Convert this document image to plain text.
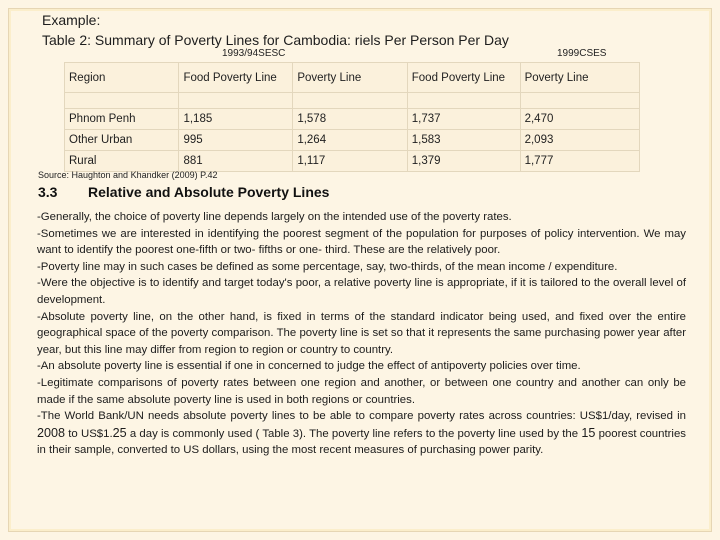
Example:
Table 2: Summary of Poverty Lines for Cambodia: riels Per Person Per Day
1993/94SESC	1999CSES
Region	Food Poverty Line	Poverty Line	Food Poverty Line	Poverty Line

Phnom Penh	1,185	1,578	1,737	2,470
Other Urban	995	1,264	1,583	2,093
Rural	881	1,117	1,379	1,777
Source: Haughton and Khandker (2009) P.42
3.3 Relative and Absolute Poverty Lines

-Generally, the choice of poverty line depends largely on the intended use of the poverty rates.

-Sometimes we are interested in identifying the poorest segment of the population for purposes of policy intervention. We may want to identify the poorest one-fifth or two- fifths or one- third. These are the relatively poor.

-Poverty line may in such cases be defined as some percentage, say, two-thirds, of the mean income / expenditure.

-Were the objective is to identify and target today's poor, a relative poverty line is appropriate, if it is tailored to the overall level of development.

-Absolute poverty line, on the other hand, is fixed in terms of the standard indicator being used, and fixed over the entire geographical space of the poverty comparison. The poverty line is set so that it represents the same purchasing power year after year, but this line may differ from region to region or country to country.

-An absolute poverty line is essential if one in concerned to judge the effect of antipoverty policies over time.

-Legitimate comparisons of poverty rates between one region and another, or between one country and another can only be made if the same absolute poverty line is used in both regions or countries.

-The World Bank/UN needs absolute poverty lines to be able to compare poverty rates across countries: US$1/day, revised in 2008 to US$1.25 a day is commonly used ( Table 3). The poverty line refers to the poverty line used by the 15 poorest countries in their sample, converted to US dollars, using the most recent measures of purchasing power parity.
